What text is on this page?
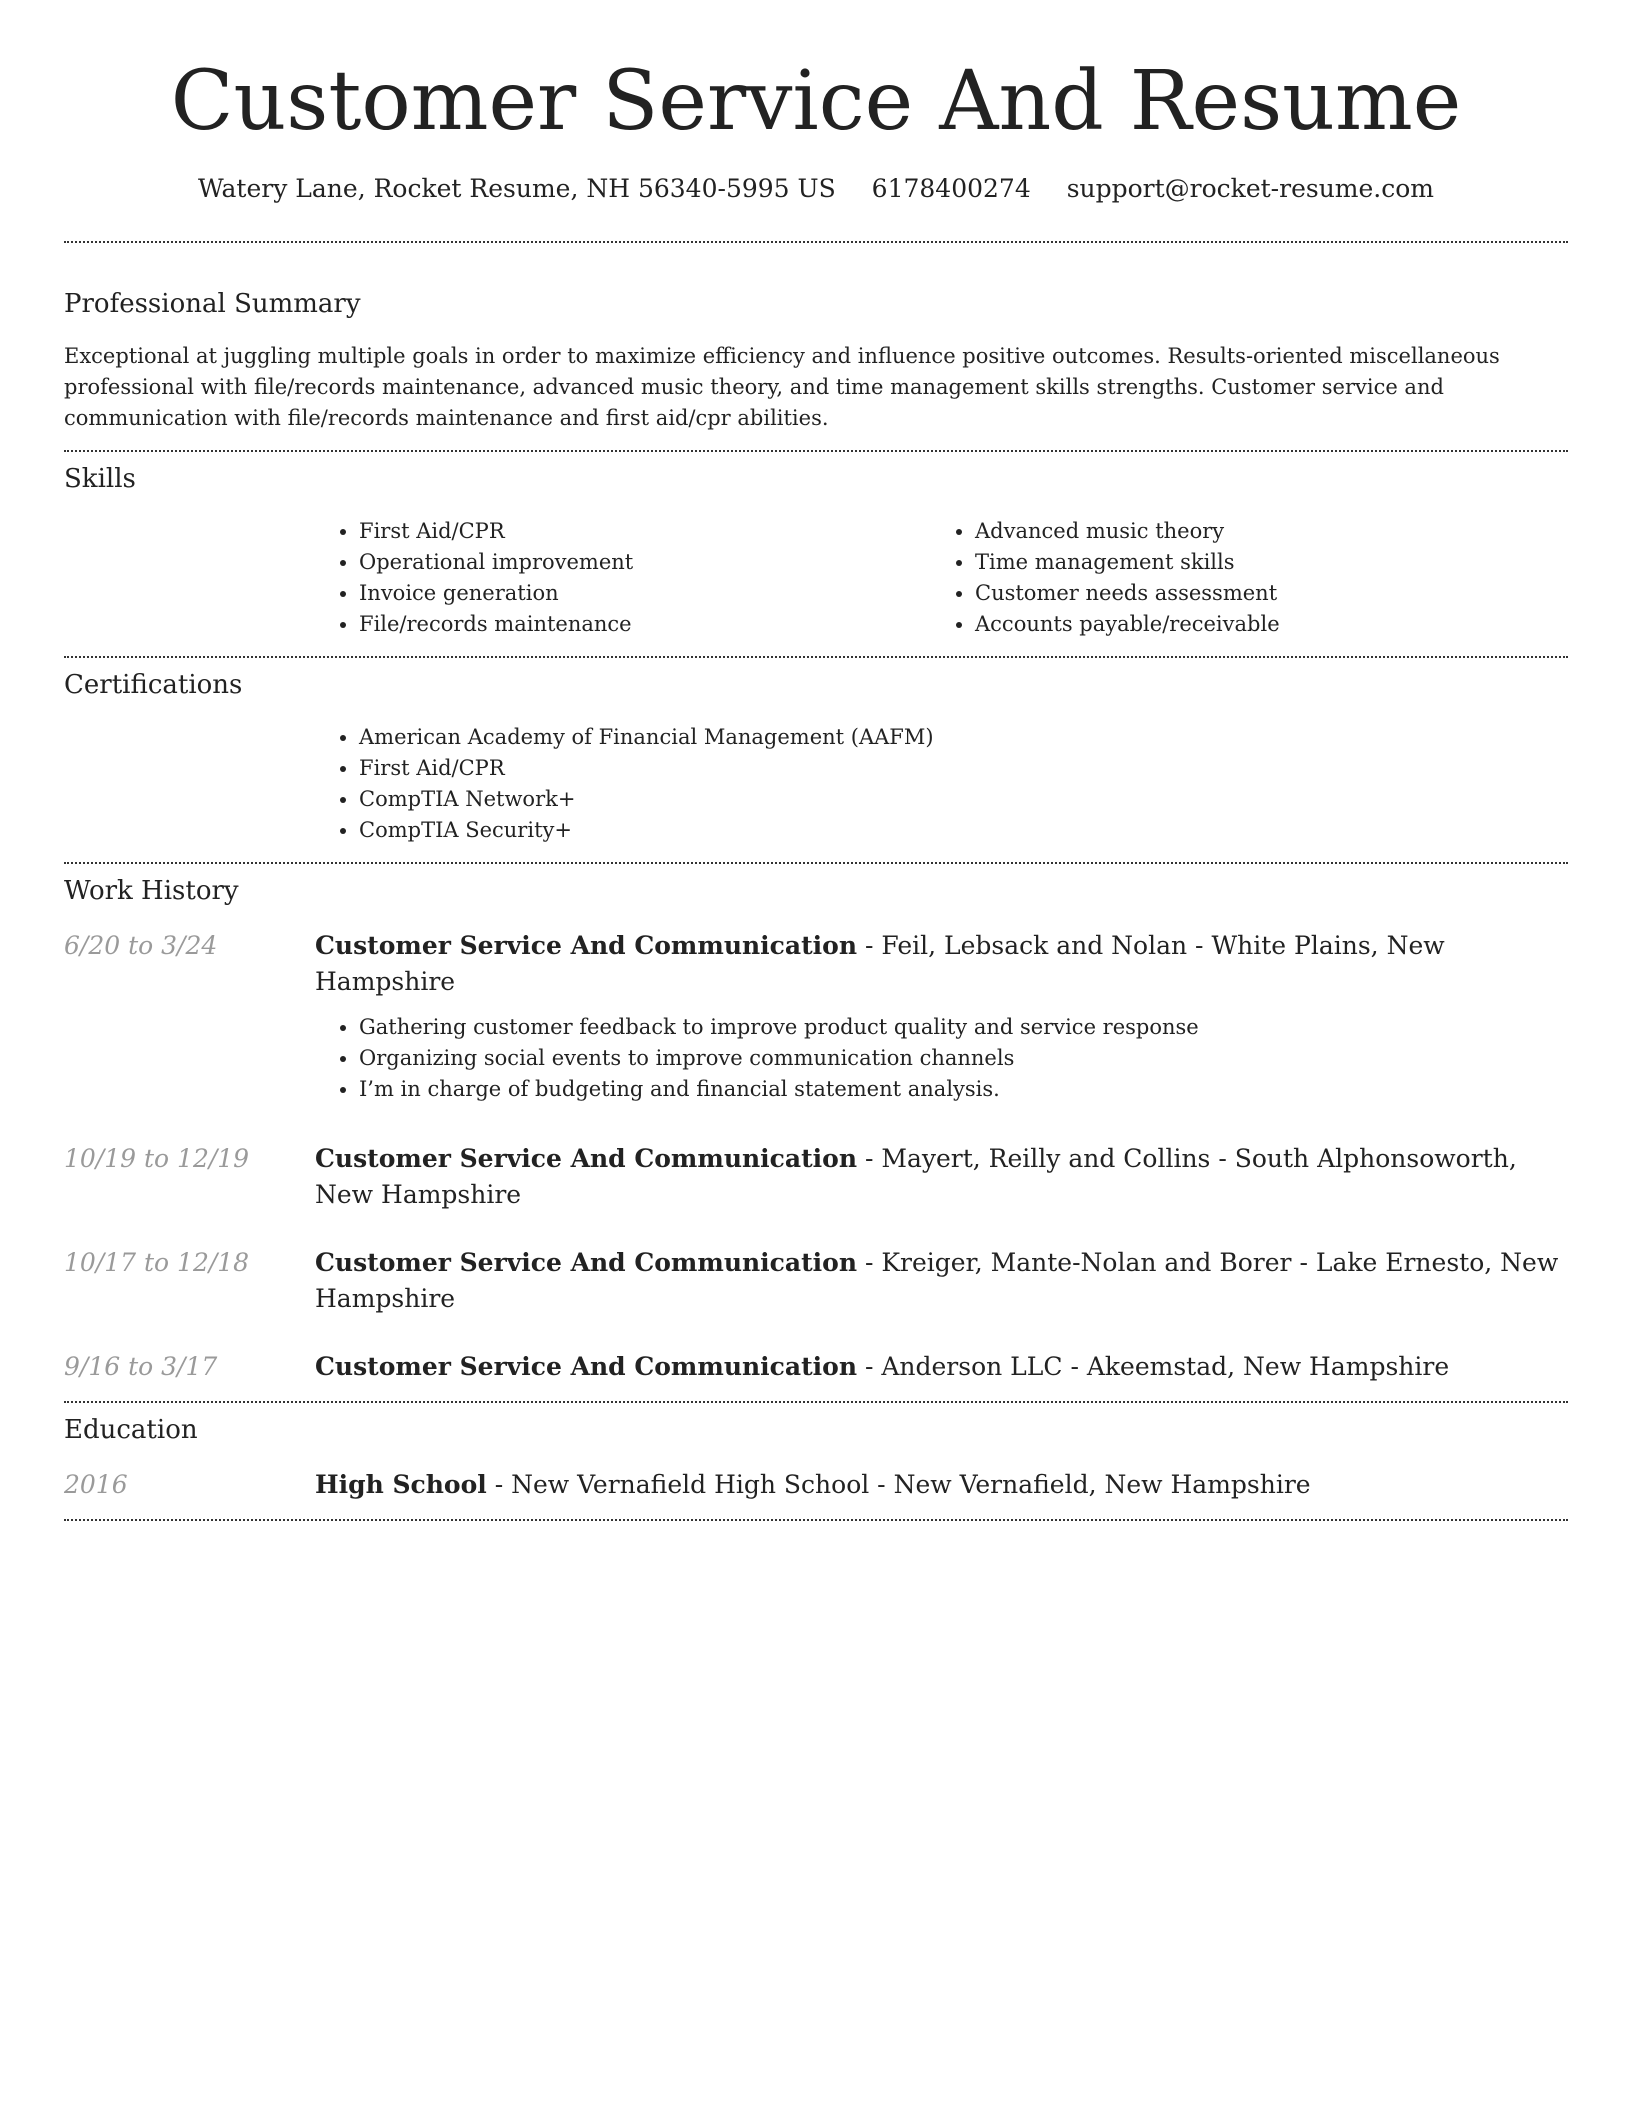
Customer Service And Resume
Watery Lane, Rocket Resume, NH 56340-5995 US 6178400274 support@rocket-resume.com
Professional Summary

Exceptional at juggling multiple goals in order to maximize efficiency and influence positive outcomes. Results-oriented miscellaneous professional with file/records maintenance, advanced music theory, and time management skills strengths. Customer service and communication with file/records maintenance and first aid/cpr abilities.

Skills
• First Aid/CPR
• Operational improvement
• Invoice generation
• File/records maintenance
• Advanced music theory
• Time management skills
• Customer needs assessment
• Accounts payable/receivable
Certifications
• American Academy of Financial Management (AAFM)
• First Aid/CPR
• CompTIA Network+
• CompTIA Security+
Work History
6/20 to 3/24	Customer Service And Communication - Feil, Lebsack and Nolan - White Plains, New Hampshire
• Gathering customer feedback to improve product quality and service response
• Organizing social events to improve communication channels
• I’m in charge of budgeting and financial statement analysis.
10/19 to 12/19	Customer Service And Communication - Mayert, Reilly and Collins - South Alphonsoworth, New Hampshire
10/17 to 12/18	Customer Service And Communication - Kreiger, Mante-Nolan and Borer - Lake Ernesto, New Hampshire
9/16 to 3/17	Customer Service And Communication - Anderson LLC - Akeemstad, New Hampshire
Education
2016	High School - New Vernafield High School - New Vernafield, New Hampshire
